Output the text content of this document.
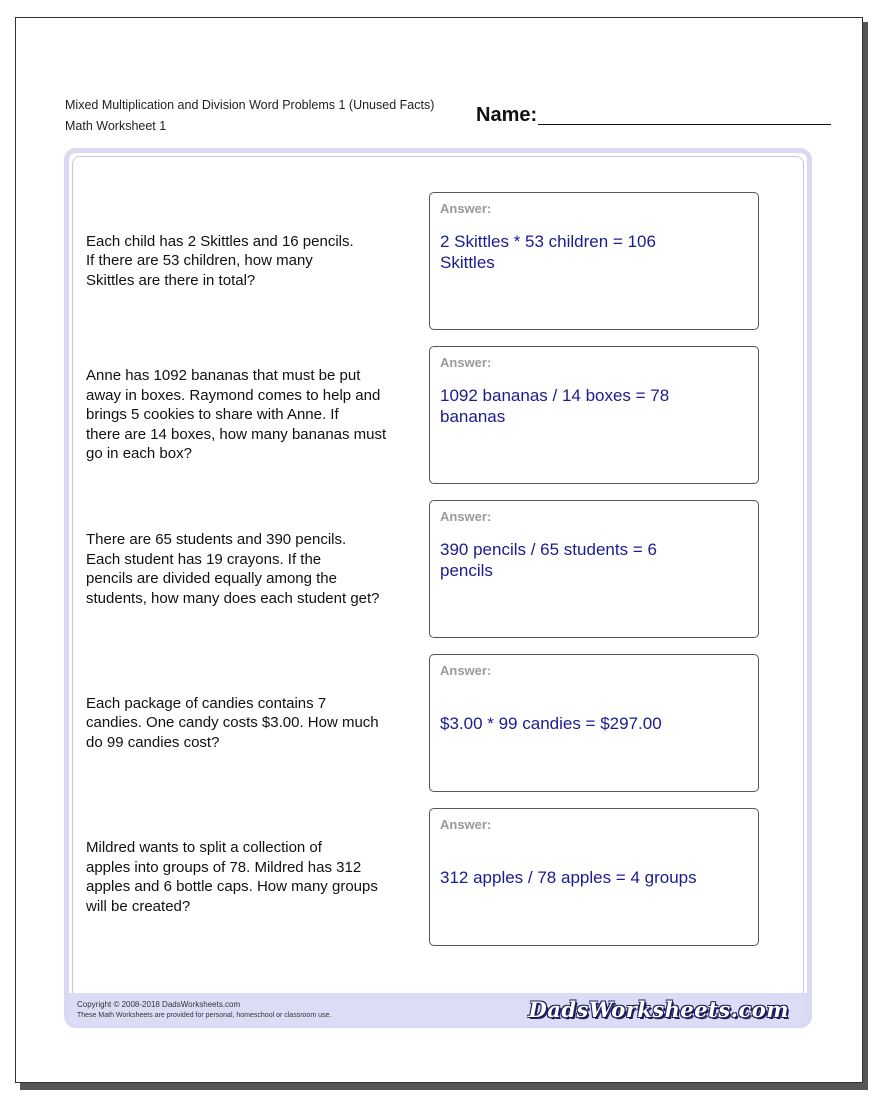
Mixed Multiplication and Division Word Problems 1 (Unused Facts)
Math Worksheet 1	Name:
Each child has 2 Skittles and 16 pencils.
If there are 53 children, how many
Skittles are there in total?
Answer:
2 Skittles * 53 children = 106
Skittles
Anne has 1092 bananas that must be put
away in boxes. Raymond comes to help and
brings 5 cookies to share with Anne. If
there are 14 boxes, how many bananas must
go in each box?
Answer:
1092 bananas / 14 boxes = 78
bananas
There are 65 students and 390 pencils.
Each student has 19 crayons. If the
pencils are divided equally among the
students, how many does each student get?
Answer:
390 pencils / 65 students = 6
pencils
Each package of candies contains 7
candies. One candy costs $3.00. How much
do 99 candies cost?
Answer:
$3.00 * 99 candies = $297.00
Mildred wants to split a collection of
apples into groups of 78. Mildred has 312
apples and 6 bottle caps. How many groups
will be created?
Answer:
312 apples / 78 apples = 4 groups
Copyright © 2008-2018 DadsWorksheets.com
These Math Worksheets are provided for personal, homeschool or classroom use.	DadsWorksheets.com
